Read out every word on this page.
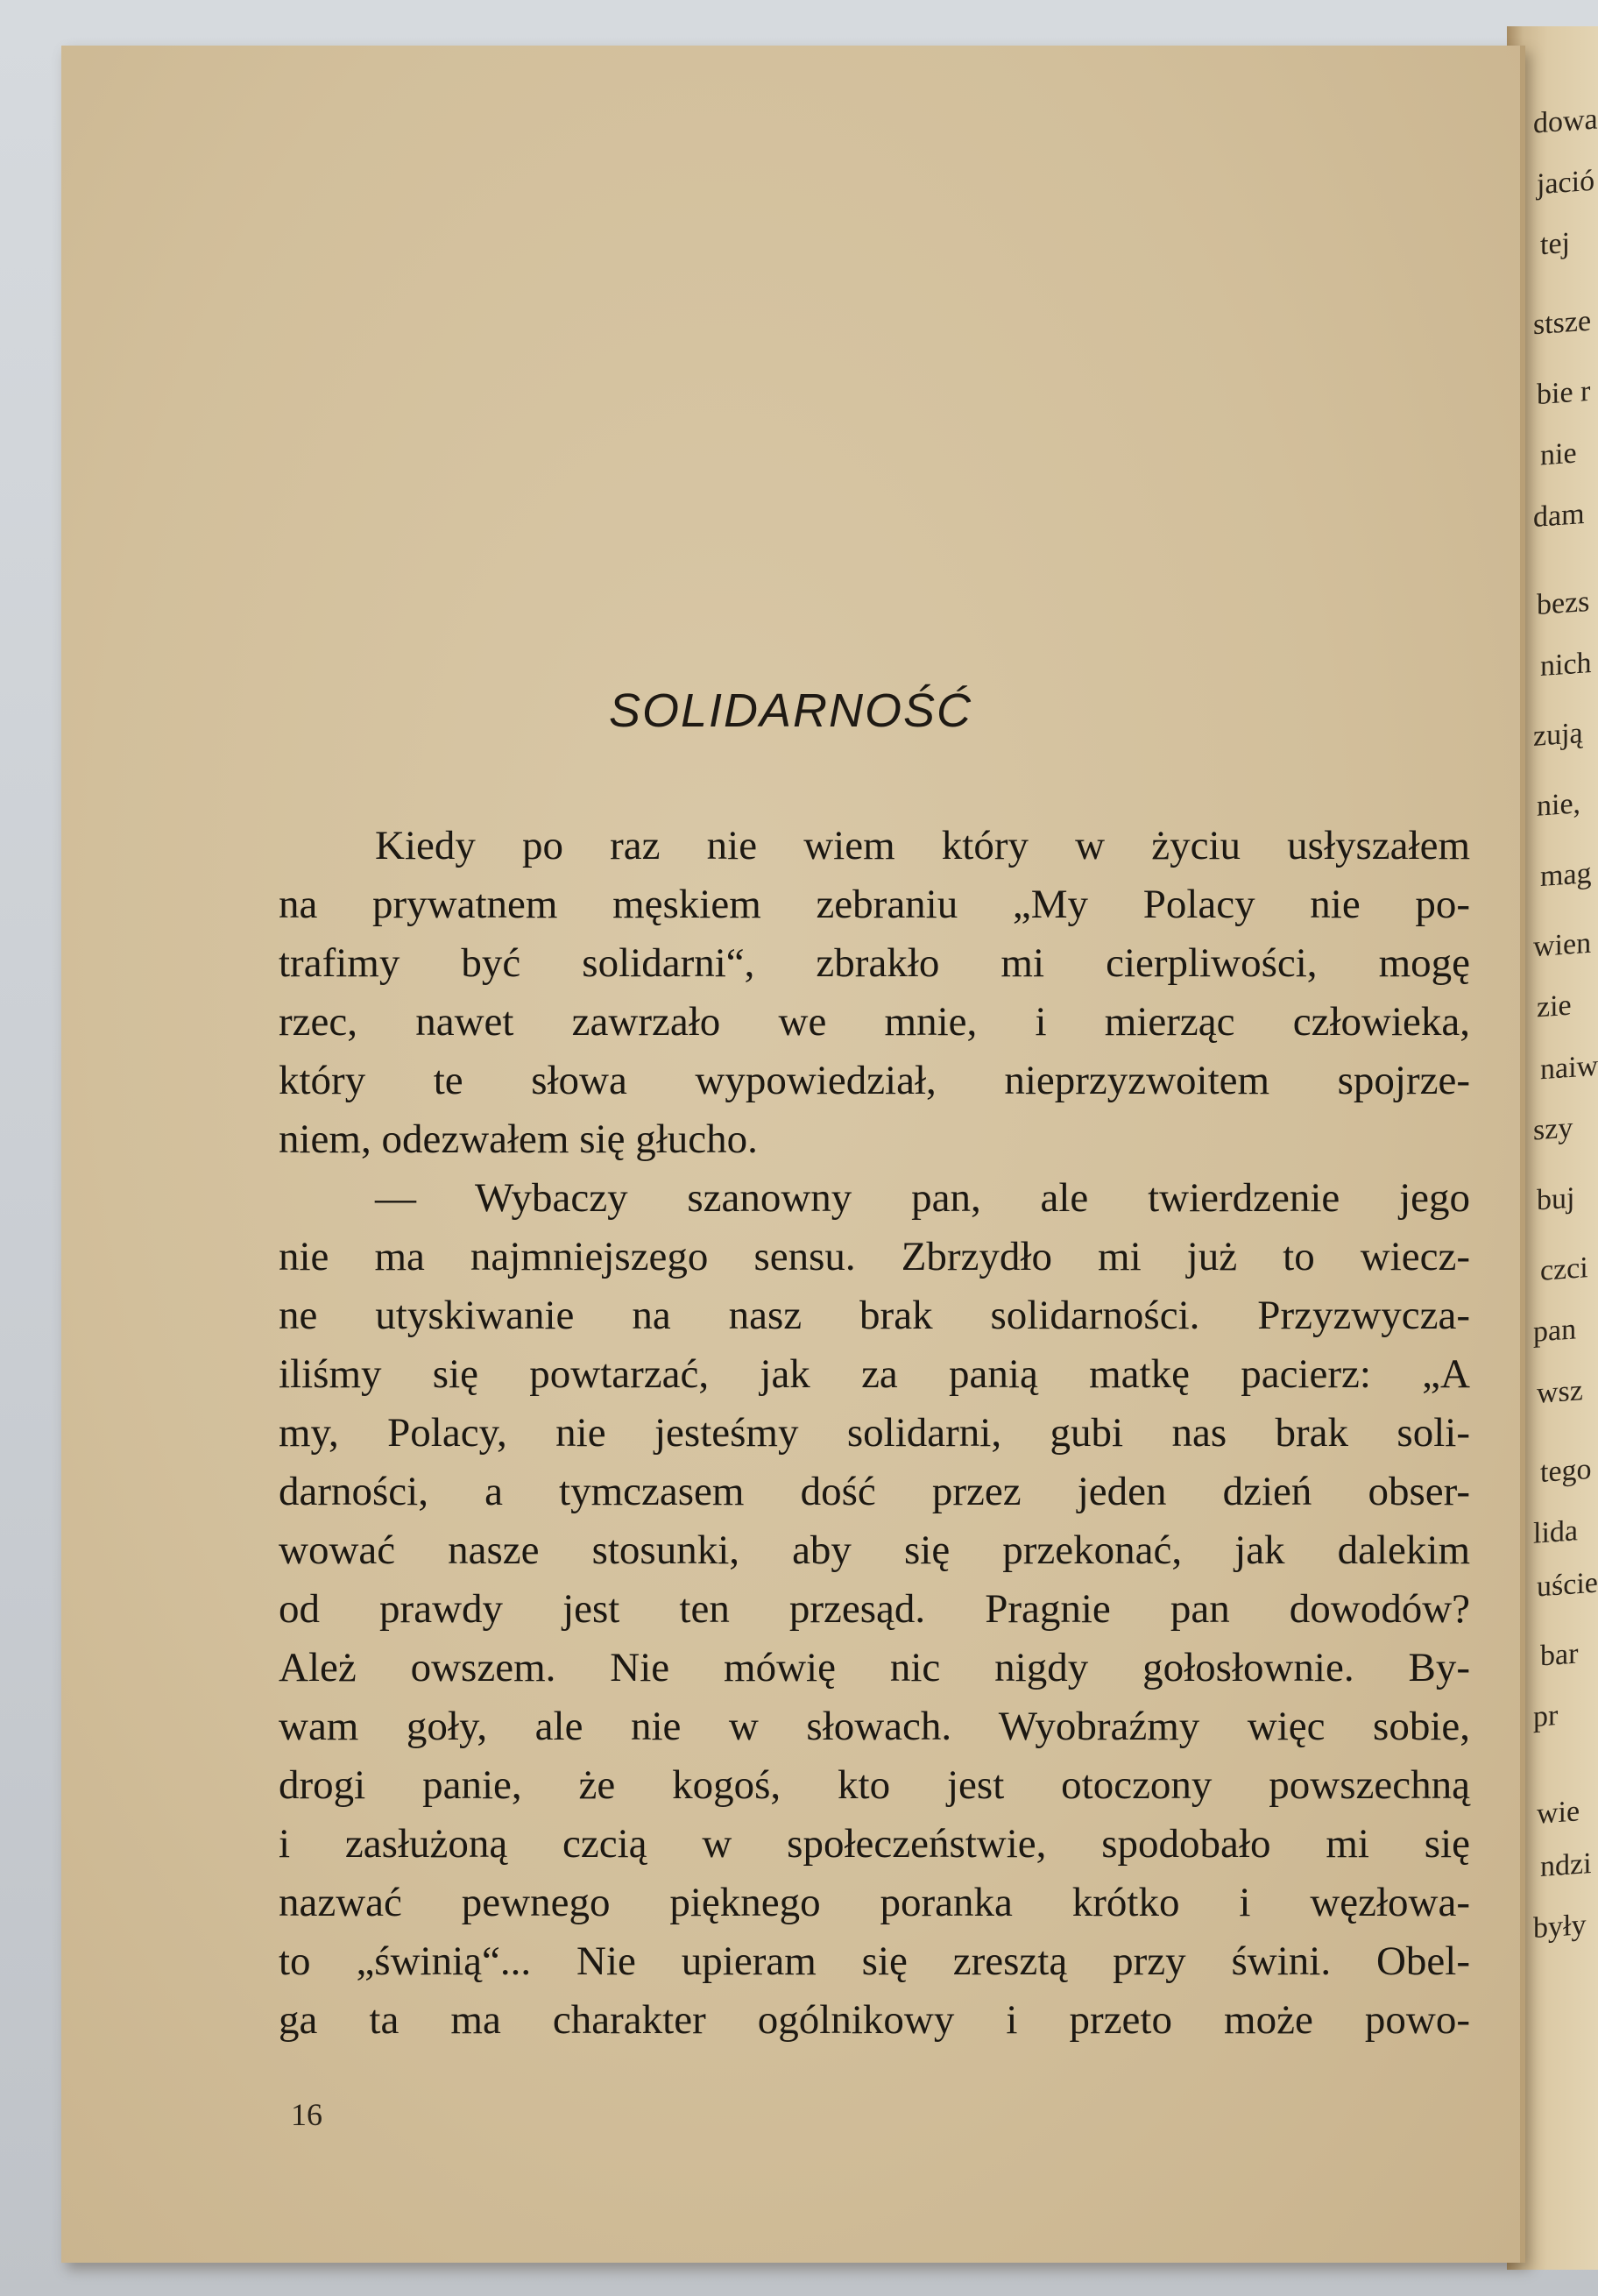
dowa
jació
tej
stsze
bie r
nie
dam
bezs
nich
zują
nie,
mag
wien
zie
naiw
szy
buj
czci
pan
wsz
tego
lida
uście
bar
pr
wie
ndzi
były
SOLIDARNOŚĆ
Kiedy po raz nie wiem który w życiu usłyszałem
na prywatnem męskiem zebraniu „My Polacy nie po-
trafimy być solidarni“, zbrakło mi cierpliwości, mogę
rzec, nawet zawrzało we mnie, i mierząc człowieka,
który te słowa wypowiedział, nieprzyzwoitem spojrze-
niem, odezwałem się głucho.
— Wybaczy szanowny pan, ale twierdzenie jego
nie ma najmniejszego sensu. Zbrzydło mi już to wiecz-
ne utyskiwanie na nasz brak solidarności. Przyzwycza-
iliśmy się powtarzać, jak za panią matkę pacierz: „A
my, Polacy, nie jesteśmy solidarni, gubi nas brak soli-
darności, a tymczasem dość przez jeden dzień obser-
wować nasze stosunki, aby się przekonać, jak dalekim
od prawdy jest ten przesąd. Pragnie pan dowodów?
Ależ owszem. Nie mówię nic nigdy gołosłownie. By-
wam goły, ale nie w słowach. Wyobraźmy więc sobie,
drogi panie, że kogoś, kto jest otoczony powszechną
i zasłużoną czcią w społeczeństwie, spodobało mi się
nazwać pewnego pięknego poranka krótko i węzłowa-
to „świnią“... Nie upieram się zresztą przy świni. Obel-
ga ta ma charakter ogólnikowy i przeto może powo-
16
